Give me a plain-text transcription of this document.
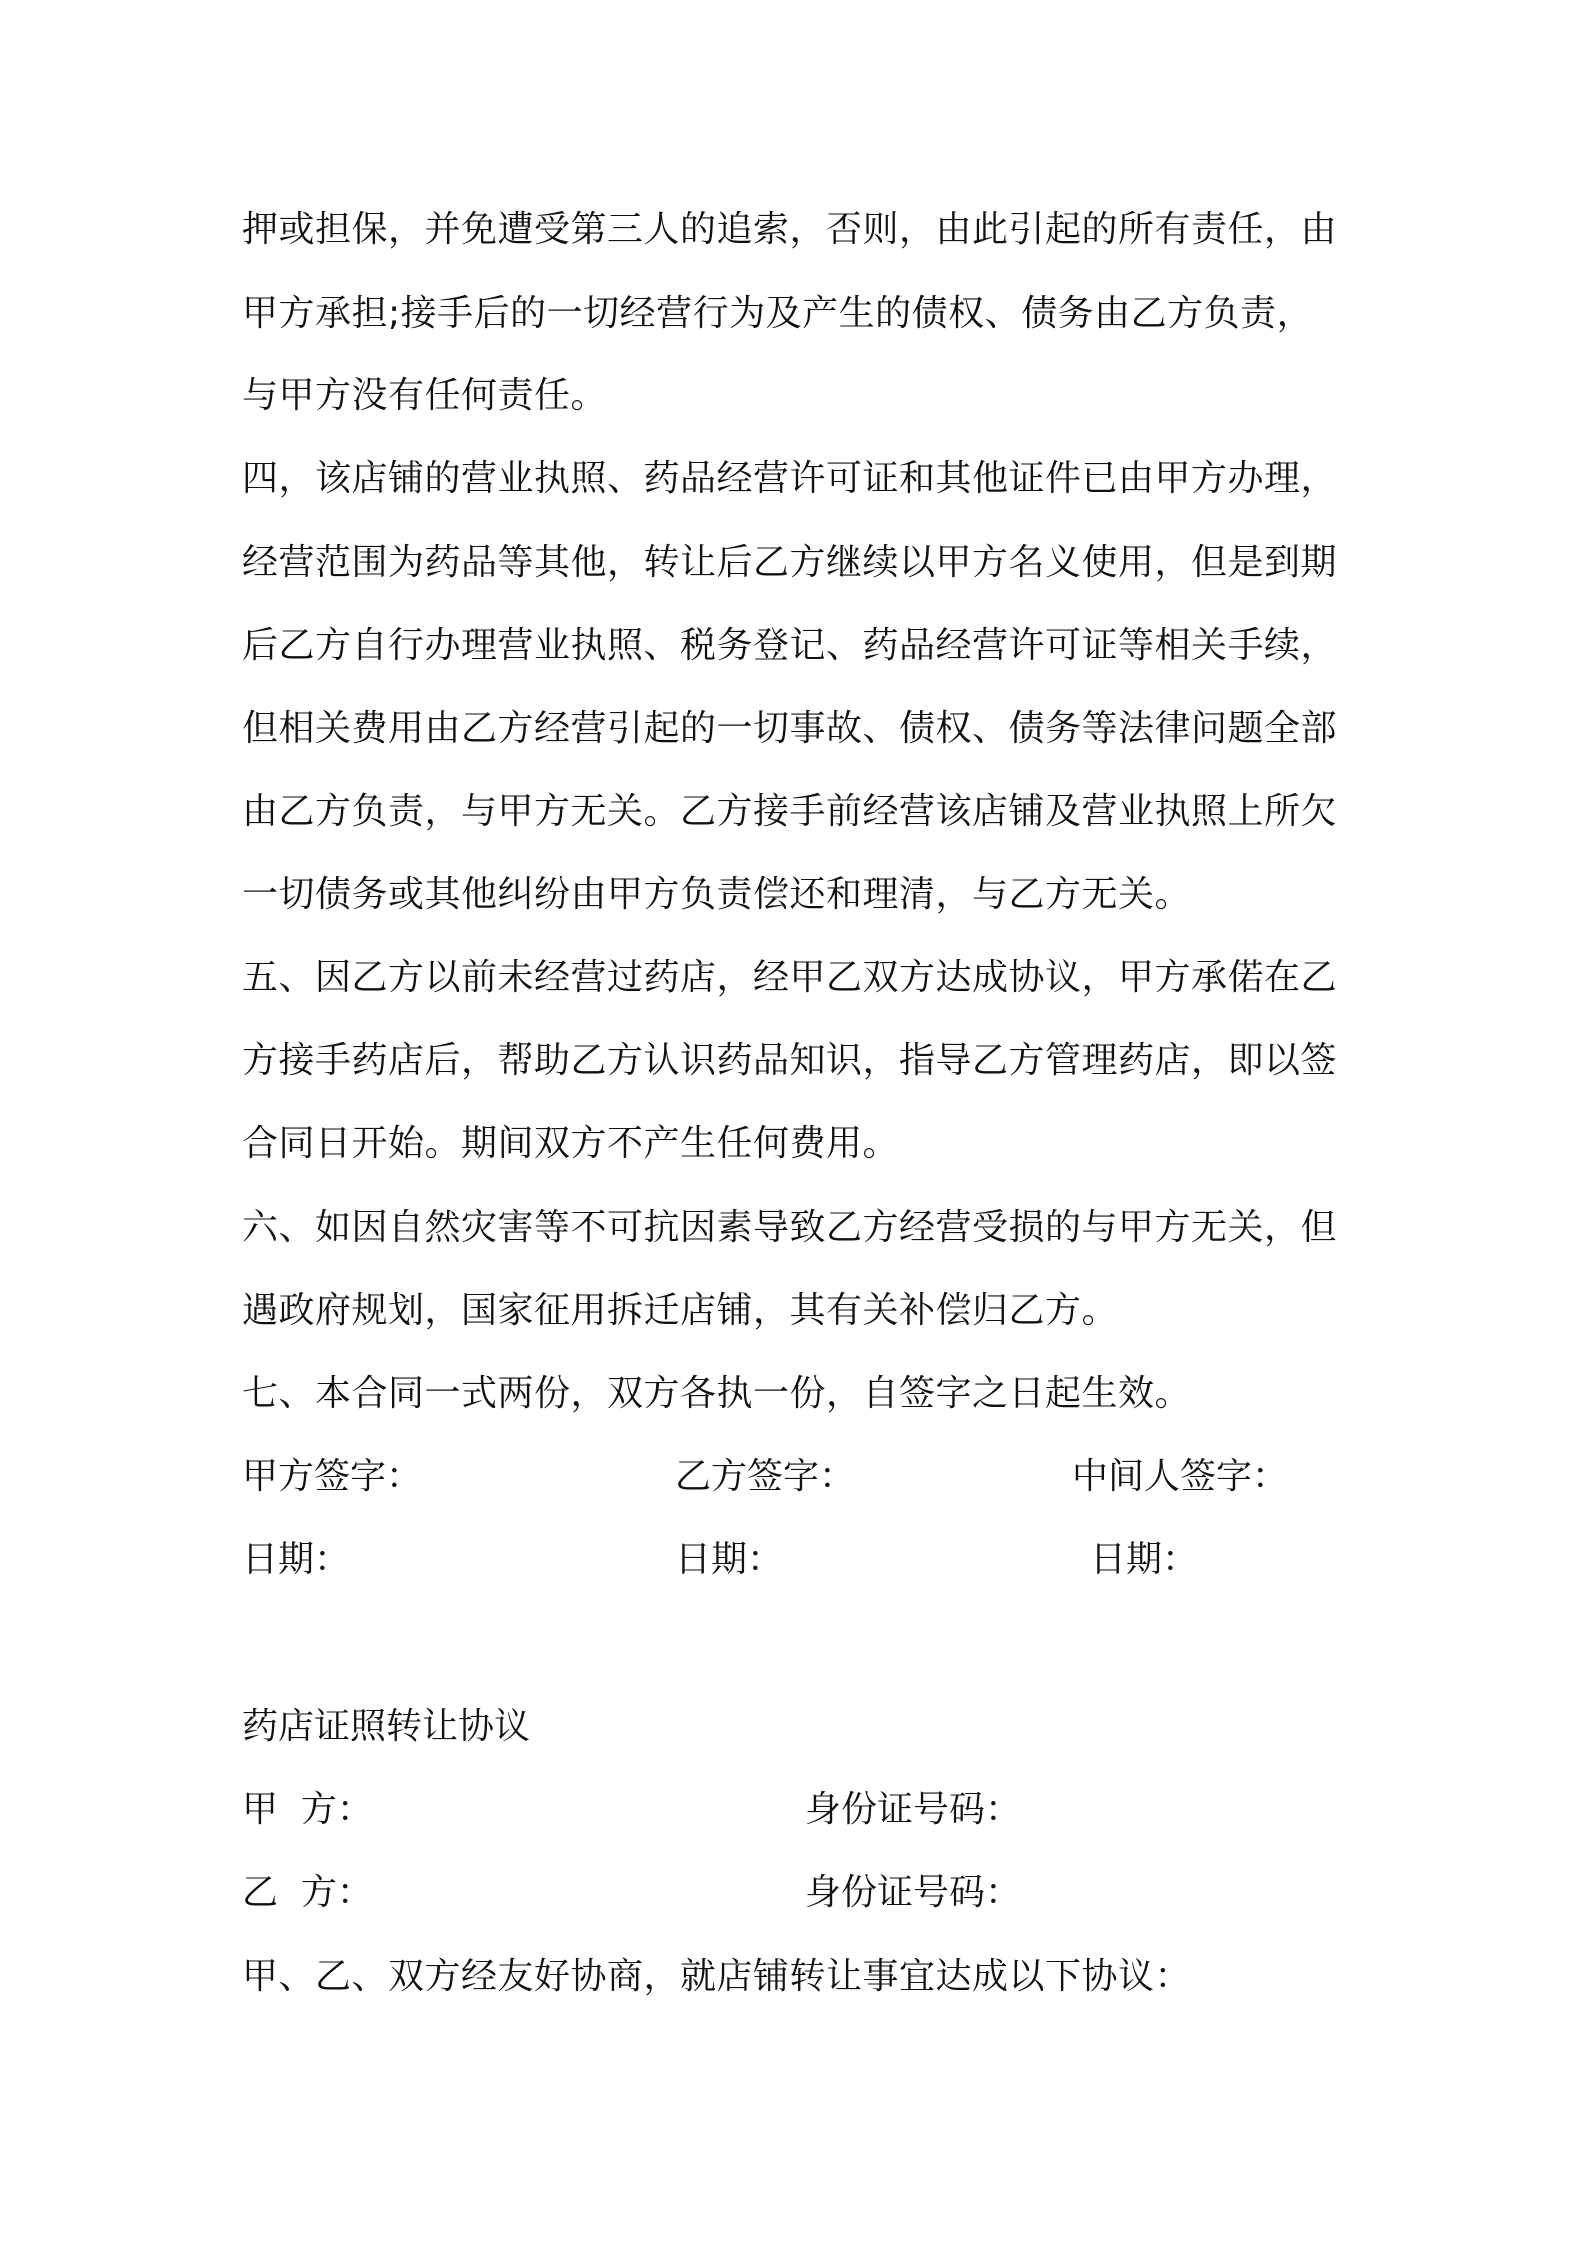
押或担保，并免遭受第三人的追索，否则，由此引起的所有责任，由
甲方承担;接手后的一切经营行为及产生的债权、债务由乙方负责，
与甲方没有任何责任。
四，该店铺的营业执照、药品经营许可证和其他证件已由甲方办理，
经营范围为药品等其他，转让后乙方继续以甲方名义使用，但是到期
后乙方自行办理营业执照、税务登记、药品经营许可证等相关手续，
但相关费用由乙方经营引起的一切事故、债权、债务等法律问题全部
由乙方负责，与甲方无关。乙方接手前经营该店铺及营业执照上所欠
一切债务或其他纠纷由甲方负责偿还和理清，与乙方无关。
五、因乙方以前未经营过药店，经甲乙双方达成协议，甲方承偌在乙
方接手药店后，帮助乙方认识药品知识，指导乙方管理药店，即以签
合同日开始。期间双方不产生任何费用。
六、如因自然灾害等不可抗因素导致乙方经营受损的与甲方无关，但
遇政府规划，国家征用拆迁店铺，其有关补偿归乙方。
七、本合同一式两份，双方各执一份，自签字之日起生效。
甲方签字：	乙方签字：	中间人签字：
日期：	日期：	日期：
药店证照转让协议
甲  方：	身份证号码：
乙  方：	身份证号码：
甲、乙、双方经友好协商，就店铺转让事宜达成以下协议：
